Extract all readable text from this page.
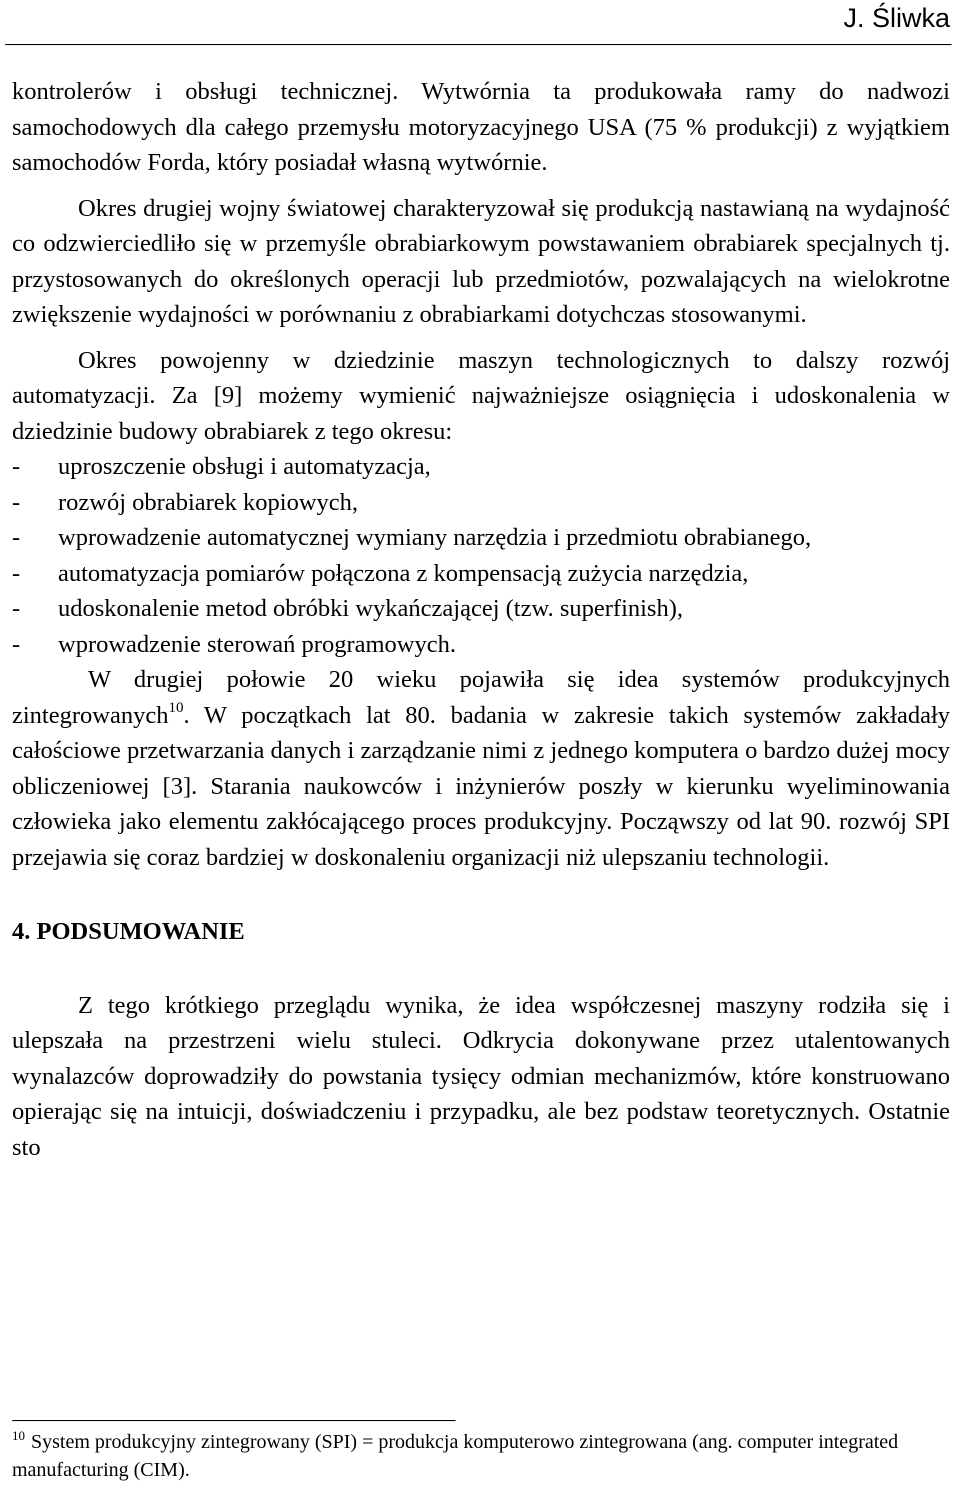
J. Śliwka

kontrolerów i obsługi technicznej. Wytwórnia ta produkowała ramy do nadwozi samochodowych dla całego przemysłu motoryzacyjnego USA (75 % produkcji) z wyjątkiem samochodów Forda, który posiadał własną wytwórnie.

Okres drugiej wojny światowej charakteryzował się produkcją nastawianą na wydajność co odzwierciedliło się w przemyśle obrabiarkowym powstawaniem obrabiarek specjalnych tj. przystosowanych do określonych operacji lub przedmiotów, pozwalających na wielokrotne zwiększenie wydajności w porównaniu z obrabiarkami dotychczas stosowanymi.

Okres powojenny w dziedzinie maszyn technologicznych to dalszy rozwój automatyzacji. Za [9] możemy wymienić najważniejsze osiągnięcia i udoskonalenia w dziedzinie budowy obrabiarek z tego okresu:

- uproszczenie obsługi i automatyzacja,
- rozwój obrabiarek kopiowych,
- wprowadzenie automatycznej wymiany narzędzia i przedmiotu obrabianego,
- automatyzacja pomiarów połączona z kompensacją zużycia narzędzia,
- udoskonalenie metod obróbki wykańczającej (tzw. superfinish),
- wprowadzenie sterowań programowych.

W drugiej połowie 20 wieku pojawiła się idea systemów produkcyjnych zintegrowanych$^{10}$. W początkach lat 80. badania w zakresie takich systemów zakładały całościowe przetwarzania danych i zarządzanie nimi z jednego komputera o bardzo dużej mocy obliczeniowej [3]. Starania naukowców i inżynierów poszły w kierunku wyeliminowania człowieka jako elementu zakłócającego proces produkcyjny. Począwszy od lat 90. rozwój SPI przejawia się coraz bardziej w doskonaleniu organizacji niż ulepszaniu technologii.

4. PODSUMOWANIE

Z tego krótkiego przeglądu wynika, że idea współczesnej maszyny rodziła się i ulepszała na przestrzeni wielu stuleci. Odkrycia dokonywane przez utalentowanych wynalazców doprowadziły do powstania tysięcy odmian mechanizmów, które konstruowano opierając się na intuicji, doświadczeniu i przypadku, ale bez podstaw teoretycznych. Ostatnie sto

$^{10}$ System produkcyjny zintegrowany (SPI) = produkcja komputerowo zintegrowana (ang. computer integrated manufacturing (CIM).
